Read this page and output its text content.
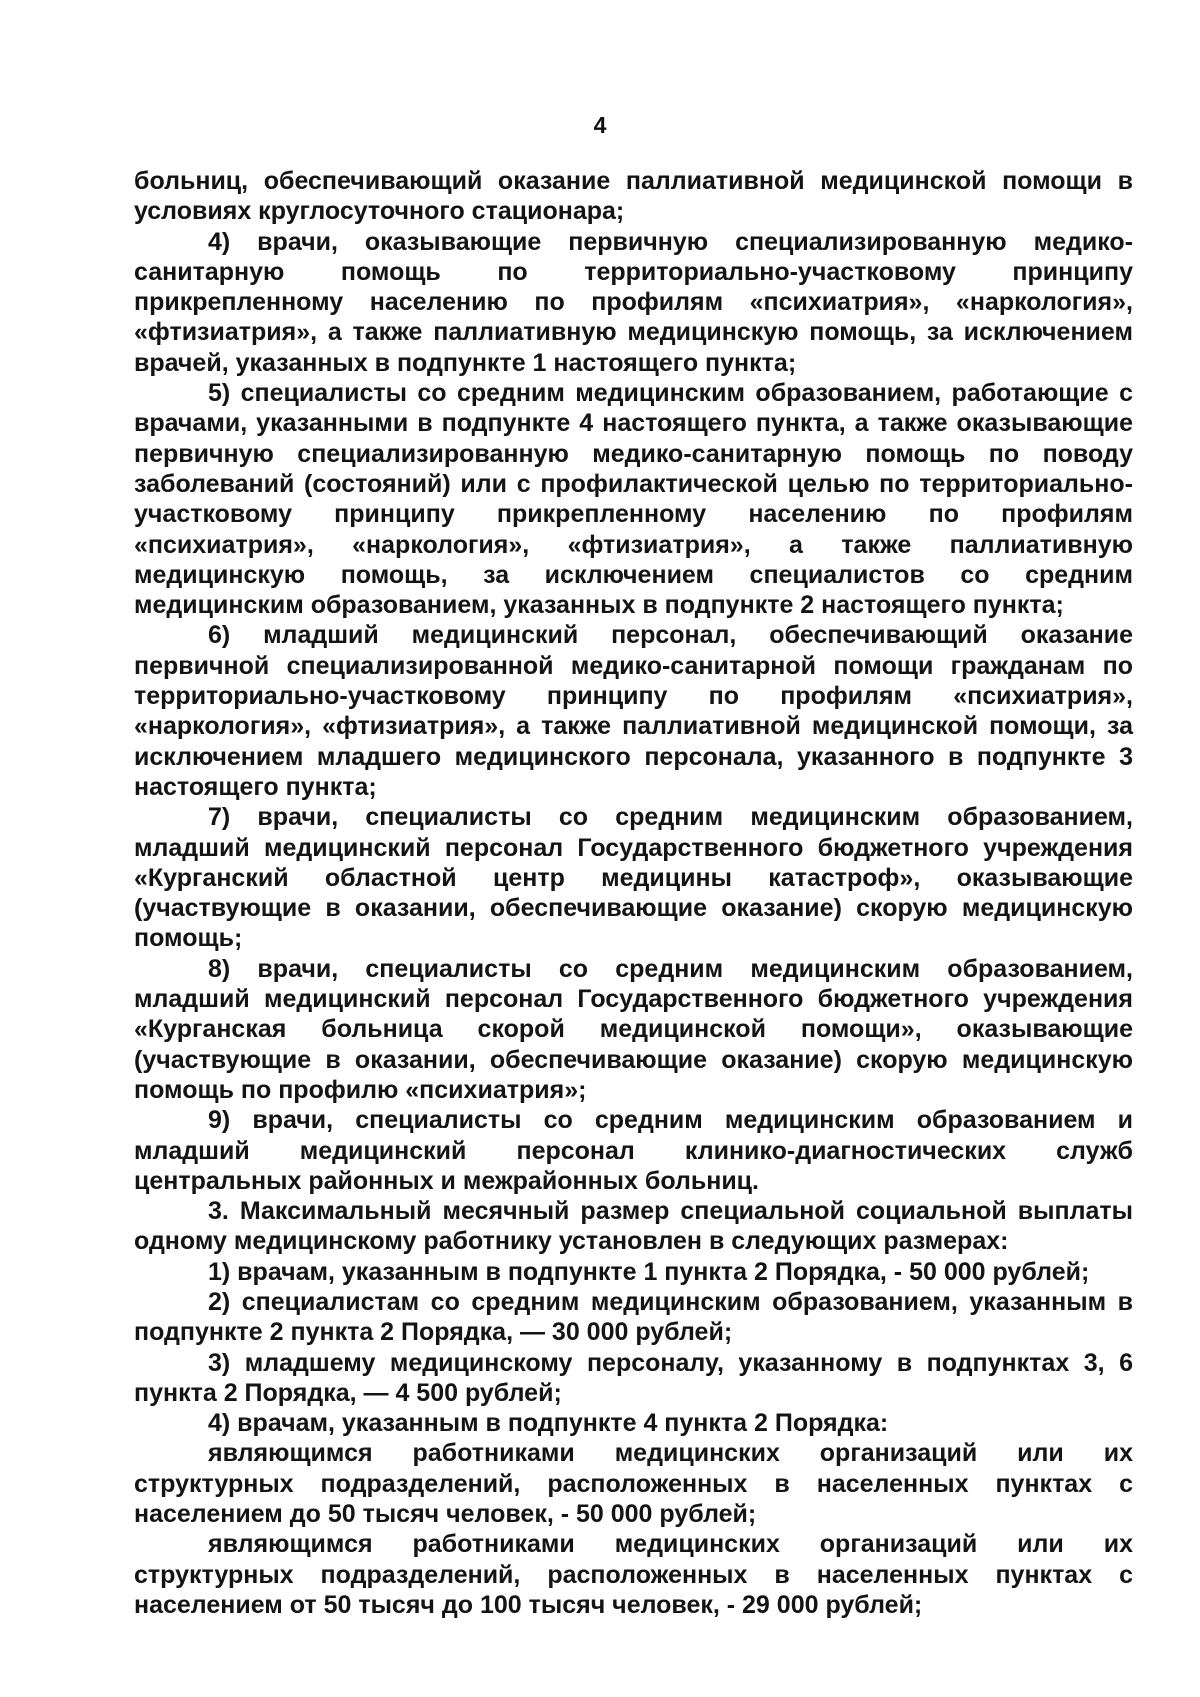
4

больниц, обеспечивающий оказание паллиативной медицинской помощи в условиях круглосуточного стационара;

4) врачи, оказывающие первичную специализированную медико-санитарную помощь по территориально-участковому принципу прикрепленному населению по профилям «психиатрия», «наркология», «фтизиатрия», а также паллиативную медицинскую помощь, за исключением врачей, указанных в подпункте 1 настоящего пункта;

5) специалисты со средним медицинским образованием, работающие с врачами, указанными в подпункте 4 настоящего пункта, а также оказывающие первичную специализированную медико-санитарную помощь по поводу заболеваний (состояний) или с профилактической целью по территориально-участковому принципу прикрепленному населению по профилям «психиатрия», «наркология», «фтизиатрия», а также паллиативную медицинскую помощь, за исключением специалистов со средним медицинским образованием, указанных в подпункте 2 настоящего пункта;

6) младший медицинский персонал, обеспечивающий оказание первичной специализированной медико-санитарной помощи гражданам по территориально-участковому принципу по профилям «психиатрия», «наркология», «фтизиатрия», а также паллиативной медицинской помощи, за исключением младшего медицинского персонала, указанного в подпункте 3 настоящего пункта;

7) врачи, специалисты со средним медицинским образованием, младший медицинский персонал Государственного бюджетного учреждения «Курганский областной центр медицины катастроф», оказывающие (участвующие в оказании, обеспечивающие оказание) скорую медицинскую помощь;

8) врачи, специалисты со средним медицинским образованием, младший медицинский персонал Государственного бюджетного учреждения «Курганская больница скорой медицинской помощи», оказывающие (участвующие в оказании, обеспечивающие оказание) скорую медицинскую помощь по профилю «психиатрия»;

9) врачи, специалисты со средним медицинским образованием и младший медицинский персонал клинико-диагностических служб центральных районных и межрайонных больниц.

3. Максимальный месячный размер специальной социальной выплаты одному медицинскому работнику установлен в следующих размерах:

1) врачам, указанным в подпункте 1 пункта 2 Порядка, - 50 000 рублей;

2) специалистам со средним медицинским образованием, указанным в подпункте 2 пункта 2 Порядка, — 30 000 рублей;

3) младшему медицинскому персоналу, указанному в подпунктах 3, 6 пункта 2 Порядка, — 4 500 рублей;

4) врачам, указанным в подпункте 4 пункта 2 Порядка:

являющимся работниками медицинских организаций или их структурных подразделений, расположенных в населенных пунктах с населением до 50 тысяч человек, - 50 000 рублей;

являющимся работниками медицинских организаций или их структурных подразделений, расположенных в населенных пунктах с населением от 50 тысяч до 100 тысяч человек, - 29 000 рублей;
